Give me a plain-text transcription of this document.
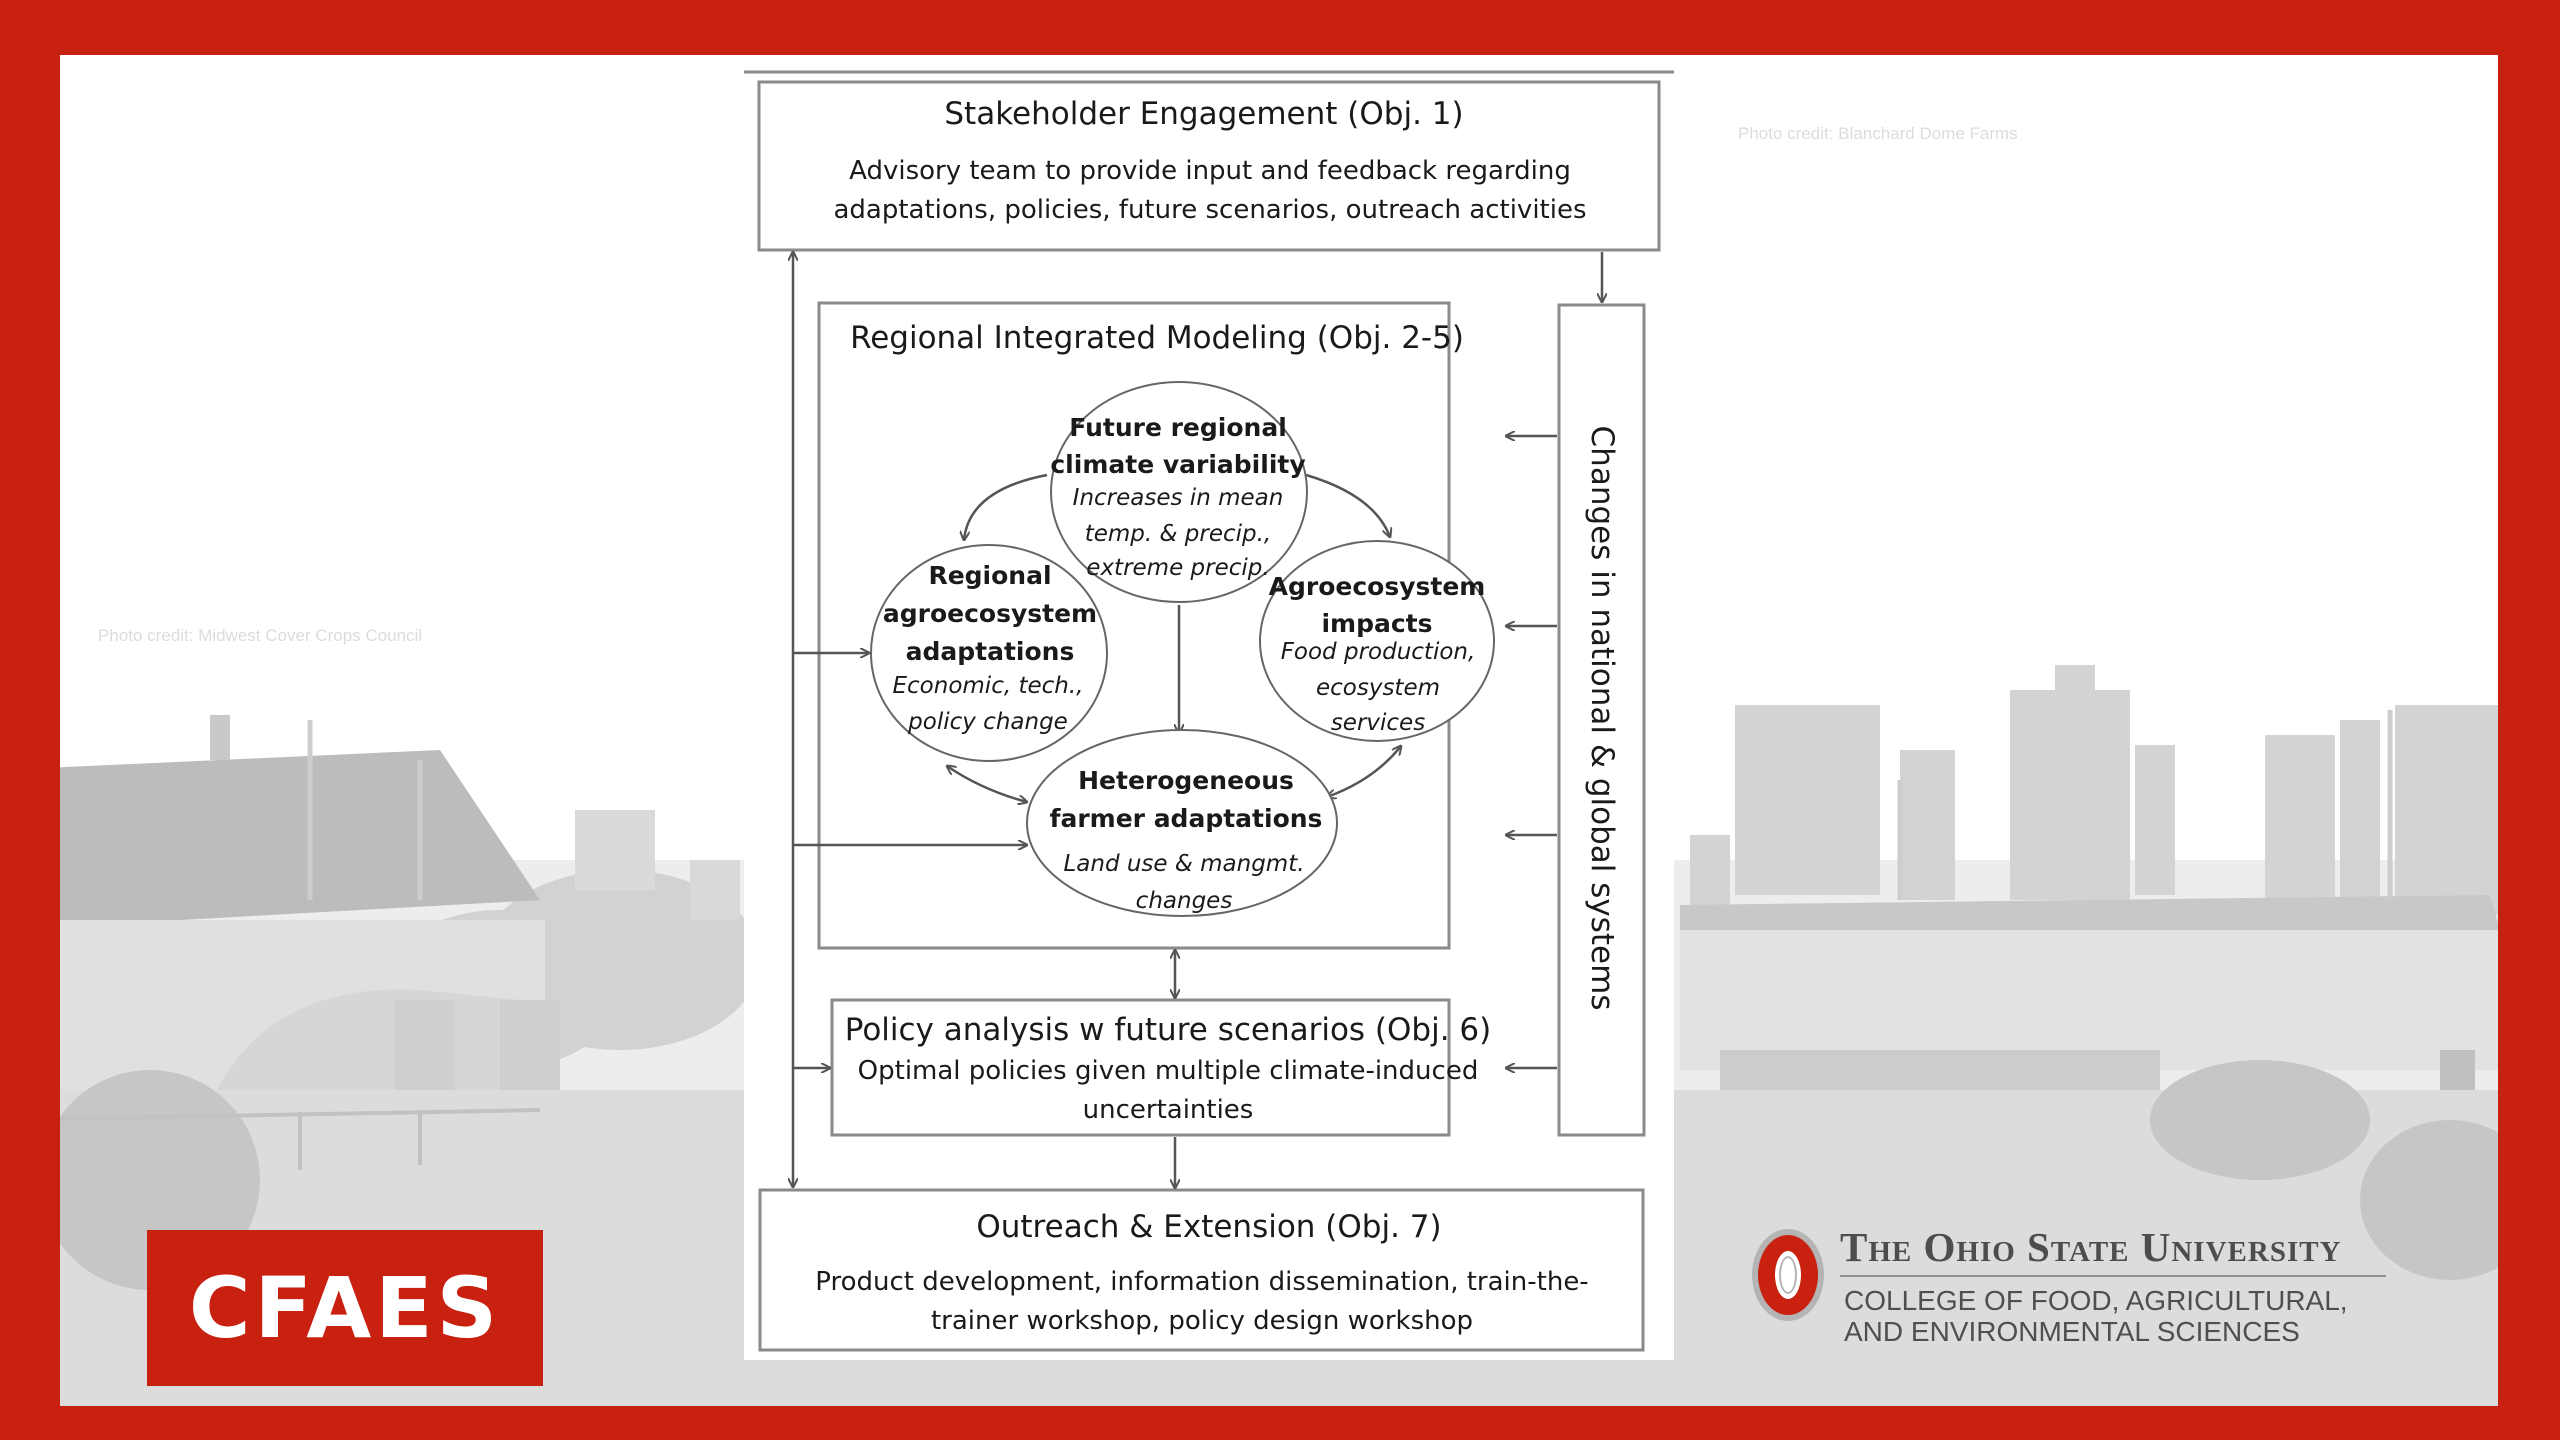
Photo credit: Blanchard Dome Farms
Photo credit: Midwest Cover Crops Council
Stakeholder Engagement (Obj. 1)
Advisory team to provide input and feedback regarding
adaptations, policies, future scenarios, outreach activities
Regional Integrated Modeling (Obj. 2-5)
Changes in national & global systems
Policy analysis w future scenarios (Obj. 6)
Optimal policies given multiple climate-induced
uncertainties
Outreach & Extension (Obj. 7)
Product development, information dissemination, train-the-
trainer workshop, policy design workshop
Future regional
climate variability
Increases in mean
temp. & precip.,
extreme precip.
Regional
agroecosystem
adaptations
Economic, tech.,
policy change
Agroecosystem
impacts
Food production,
ecosystem
services
Heterogeneous
farmer adaptations
Land use & mangmt.
changes
CFAES
The Ohio State University
COLLEGE OF FOOD, AGRICULTURAL,
AND ENVIRONMENTAL SCIENCES
